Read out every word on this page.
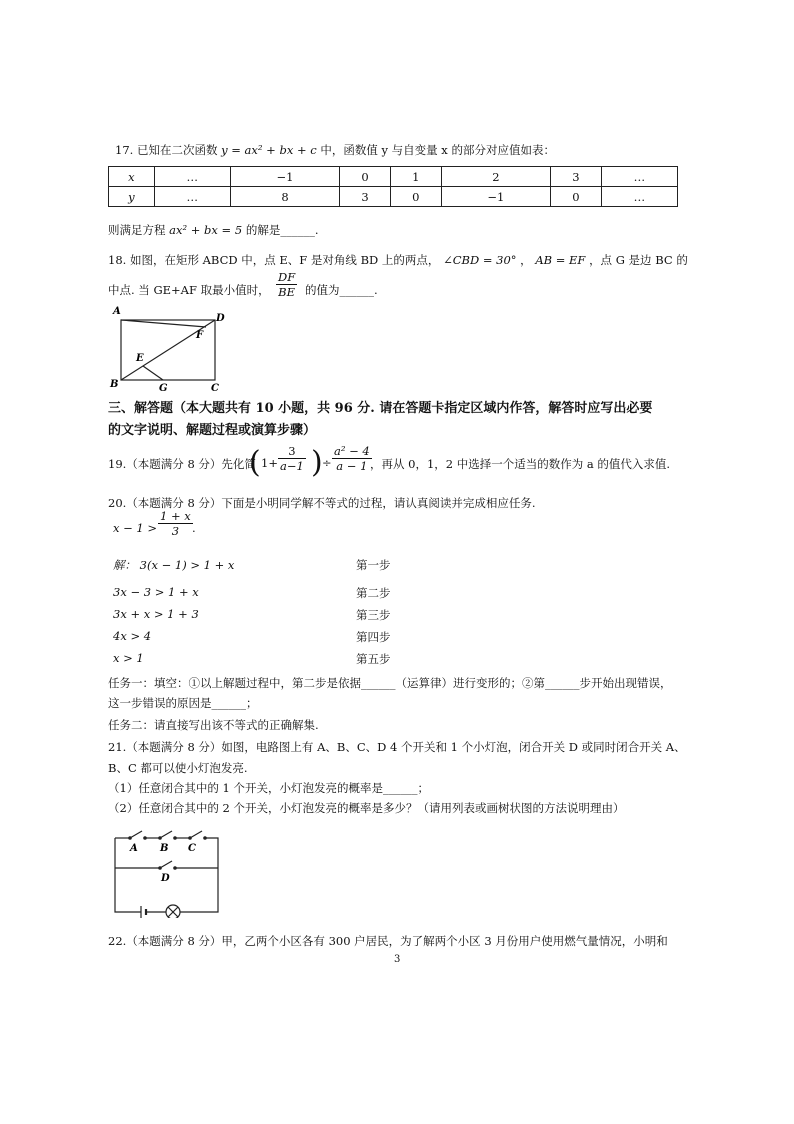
17. 已知在二次函数 y = ax² + bx + c 中，函数值 y 与自变量 x 的部分对应值如表：
x	…	−1	0	1	2	3	…
y	…	8	3	0	−1	0	…
则满足方程 ax² + bx = 5 的解是______.
18. 如图，在矩形 ABCD 中，点 E、F 是对角线 BD 上的两点， ∠CBD = 30° ， AB = EF ，点 G 是边 BC 的
中点. 当 GE+AF 取最小值时， $\frac{DF}{BE}$ 的值为______.
A
D
F
E
B	G	C
三、解答题（本大题共有 10 小题，共 96 分. 请在答题卡指定区域内作答，解答时应写出必要
的文字说明、解题过程或演算步骤）
19.（本题满分 8 分）先化简
( $1+ \frac{3}{a-1}$ ) ÷ $\frac{\text{a² − 4}}{a - 1}$
，再从 0，1，2 中选择一个适当的数作为 a 的值代入求值.
20.（本题满分 8 分）下面是小明同学解不等式的过程，请认真阅读并完成相应任务.
$x - 1 > \frac{1 + x}{3}$ .
解： 3(x − 1) > 1 + x	第一步
3x − 3 > 1 + x	第二步
3x + x > 1 + 3	第三步
4x > 4	第四步
x > 1	第五步
任务一：填空：①以上解题过程中，第二步是依据______（运算律）进行变形的；②第______步开始出现错误，
这一步错误的原因是______；
任务二：请直接写出该不等式的正确解集.
21.（本题满分 8 分）如图，电路图上有 A、B、C、D 4 个开关和 1 个小灯泡，闭合开关 D 或同时闭合开关 A、
B、C 都可以使小灯泡发亮.
（1）任意闭合其中的 1 个开关，小灯泡发亮的概率是______；
（2）任意闭合其中的 2 个开关，小灯泡发亮的概率是多少？（请用列表或画树状图的方法说明理由）
A B C
D
22.（本题满分 8 分）甲，乙两个小区各有 300 户居民，为了解两个小区 3 月份用户使用燃气量情况，小明和
3
